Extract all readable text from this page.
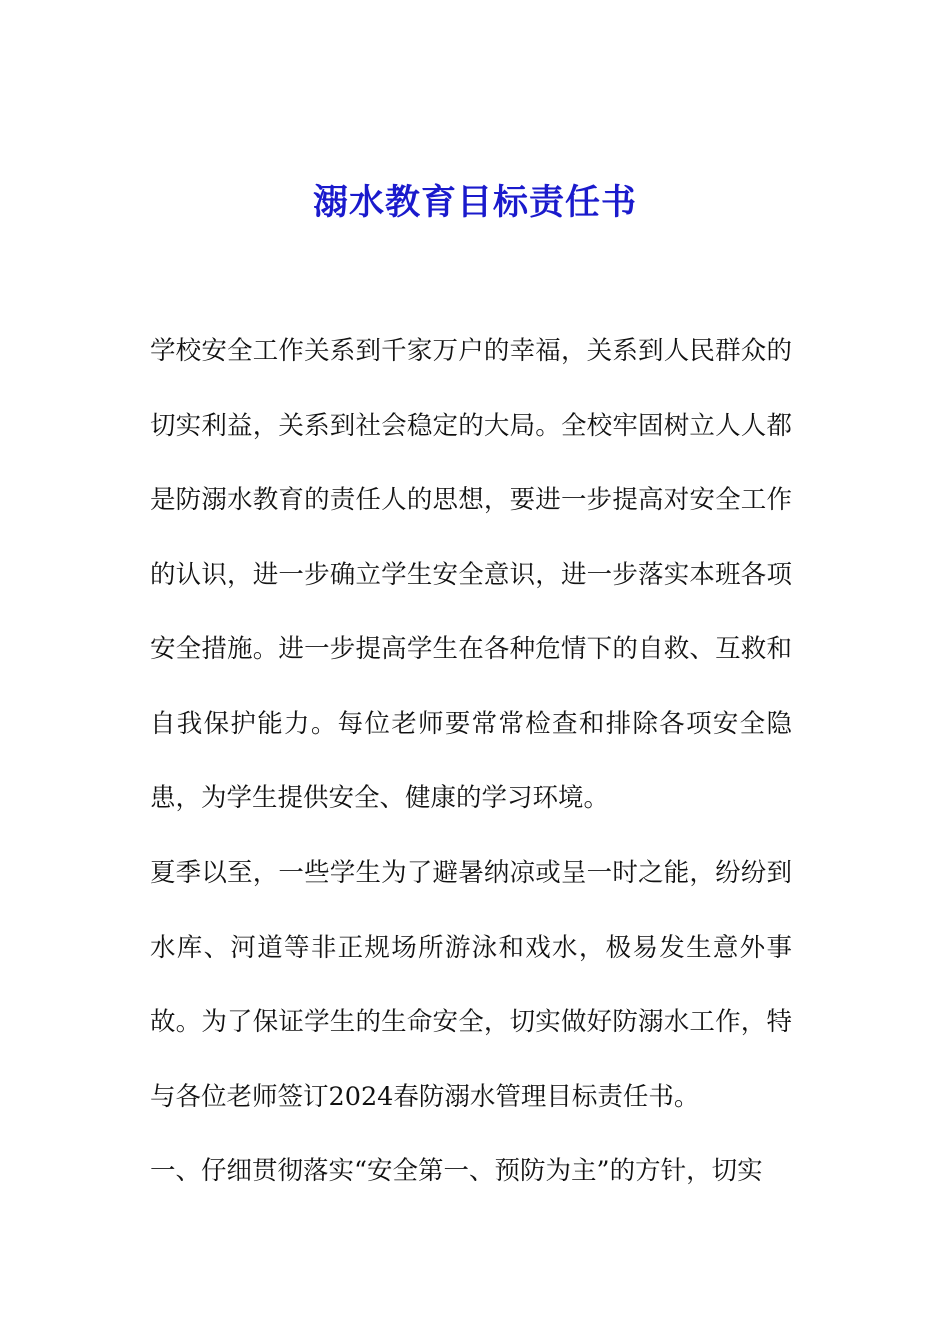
溺水教育目标责任书

学校安全工作关系到千家万户的幸福，关系到人民群众的切实利益，关系到社会稳定的大局。全校牢固树立人人都是防溺水教育的责任人的思想，要进一步提高对安全工作的认识，进一步确立学生安全意识，进一步落实本班各项安全措施。进一步提高学生在各种危情下的自救、互救和自我保护能力。每位老师要常常检查和排除各项安全隐患，为学生提供安全、健康的学习环境。

夏季以至，一些学生为了避暑纳凉或呈一时之能，纷纷到水库、河道等非正规场所游泳和戏水，极易发生意外事故。为了保证学生的生命安全，切实做好防溺水工作，特与各位老师签订2024春防溺水管理目标责任书。

一、仔细贯彻落实“安全第一、预防为主”的方针，切实
